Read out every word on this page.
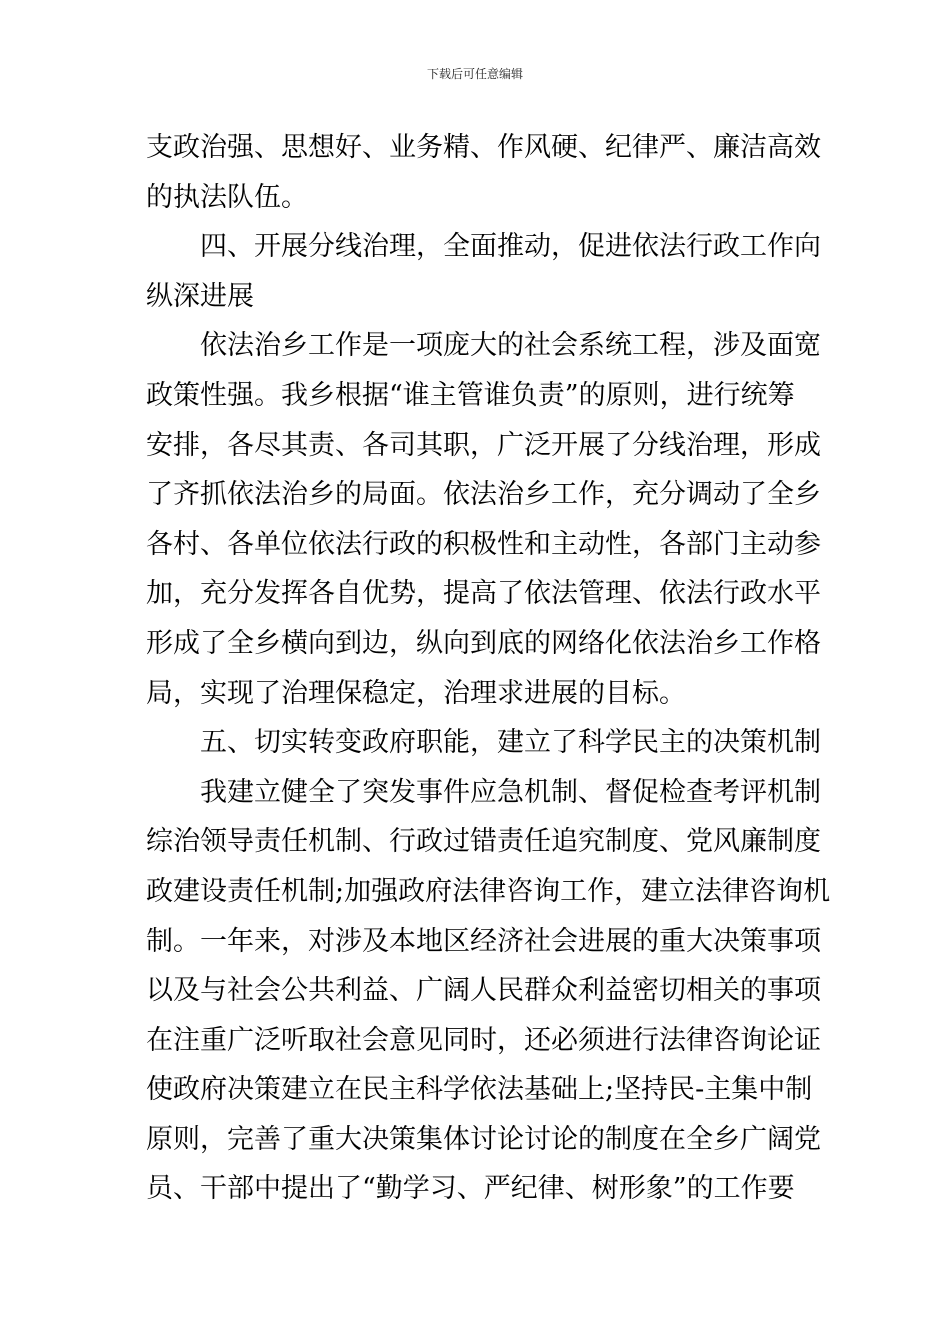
下载后可任意编辑
支政治强、思想好、业务精、作风硬、纪律严、廉洁高效
的执法队伍。
四、开展分线治理，全面推动，促进依法行政工作向
纵深进展
依法治乡工作是一项庞大的社会系统工程，涉及面宽
政策性强。我乡根据“谁主管谁负责”的原则，进行统筹
安排，各尽其责、各司其职，广泛开展了分线治理，形成
了齐抓依法治乡的局面。依法治乡工作，充分调动了全乡
各村、各单位依法行政的积极性和主动性，各部门主动参
加，充分发挥各自优势，提高了依法管理、依法行政水平
形成了全乡横向到边，纵向到底的网络化依法治乡工作格
局，实现了治理保稳定，治理求进展的目标。
五、切实转变政府职能，建立了科学民主的决策机制
我建立健全了突发事件应急机制、督促检查考评机制
综治领导责任机制、行政过错责任追究制度、党风廉制度
政建设责任机制;加强政府法律咨询工作，建立法律咨询机
制。一年来，对涉及本地区经济社会进展的重大决策事项
以及与社会公共利益、广阔人民群众利益密切相关的事项
在注重广泛听取社会意见同时，还必须进行法律咨询论证
使政府决策建立在民主科学依法基础上;坚持民-主集中制
原则，完善了重大决策集体讨论讨论的制度在全乡广阔党
员、干部中提出了“勤学习、严纪律、树形象”的工作要
